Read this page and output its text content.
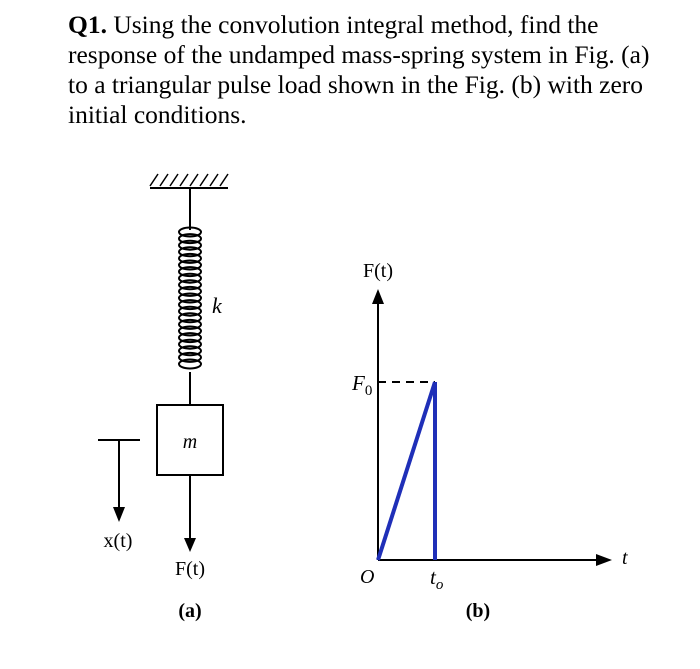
Q1. Using the convolution integral method, find the response of the undamped mass-spring system in Fig. (a) to a triangular pulse load shown in the Fig. (b) with zero initial conditions.
k
m
F(t)
x(t)
(a)
F(t)
t
$F_0$
O	$t_o$
(b)
